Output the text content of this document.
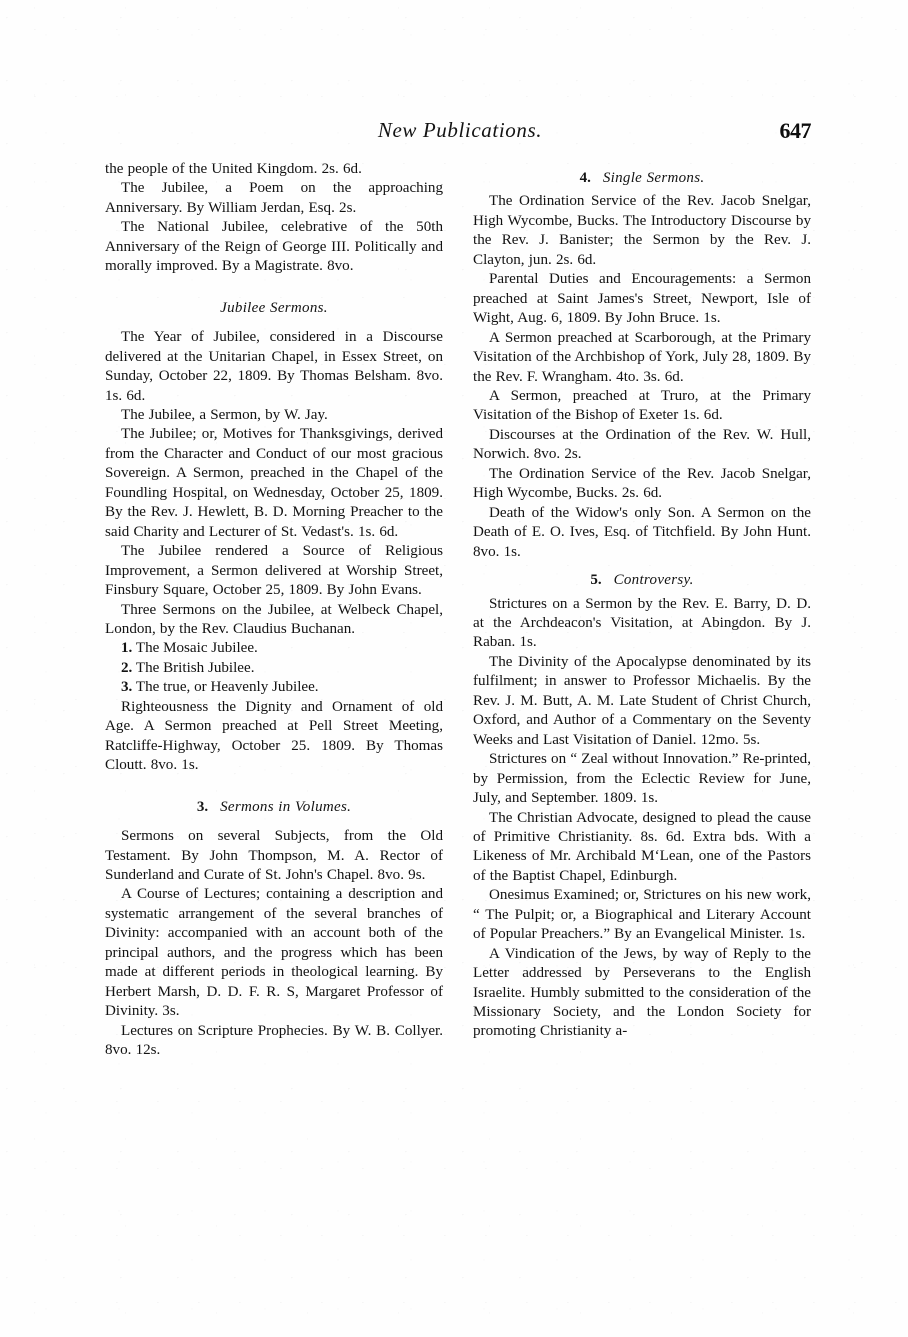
New Publications.	647

the people of the United Kingdom. 2s. 6d.

The Jubilee, a Poem on the approaching Anniversary. By William Jerdan, Esq. 2s.

The National Jubilee, celebrative of the 50th Anniversary of the Reign of George III. Politically and morally improved. By a Magistrate. 8vo.

Jubilee Sermons.

The Year of Jubilee, considered in a Discourse delivered at the Unitarian Chapel, in Essex Street, on Sunday, October 22, 1809. By Thomas Belsham. 8vo. 1s. 6d.

The Jubilee, a Sermon, by W. Jay.

The Jubilee; or, Motives for Thanksgivings, derived from the Character and Conduct of our most gracious Sovereign. A Sermon, preached in the Chapel of the Foundling Hospital, on Wednesday, October 25, 1809. By the Rev. J. Hewlett, B. D. Morning Preacher to the said Charity and Lecturer of St. Vedast's. 1s. 6d.

The Jubilee rendered a Source of Religious Improvement, a Sermon delivered at Worship Street, Finsbury Square, October 25, 1809. By John Evans.

Three Sermons on the Jubilee, at Welbeck Chapel, London, by the Rev. Claudius Buchanan.

1. The Mosaic Jubilee.
2. The British Jubilee.
3. The true, or Heavenly Jubilee.

Righteousness the Dignity and Ornament of old Age. A Sermon preached at Pell Street Meeting, Ratcliffe-Highway, October 25. 1809. By Thomas Cloutt. 8vo. 1s.

3. Sermons in Volumes.

Sermons on several Subjects, from the Old Testament. By John Thompson, M. A. Rector of Sunderland and Curate of St. John's Chapel. 8vo. 9s.

A Course of Lectures; containing a description and systematic arrangement of the several branches of Divinity: accompanied with an account both of the principal authors, and the progress which has been made at different periods in theological learning. By Herbert Marsh, D. D. F. R. S, Margaret Professor of Divinity. 3s.

Lectures on Scripture Prophecies. By W. B. Collyer. 8vo. 12s.

4. Single Sermons.

The Ordination Service of the Rev. Jacob Snelgar, High Wycombe, Bucks. The Introductory Discourse by the Rev. J. Banister; the Sermon by the Rev. J. Clayton, jun. 2s. 6d.

Parental Duties and Encouragements: a Sermon preached at Saint James's Street, Newport, Isle of Wight, Aug. 6, 1809. By John Bruce. 1s.

A Sermon preached at Scarborough, at the Primary Visitation of the Archbishop of York, July 28, 1809. By the Rev. F. Wrangham. 4to. 3s. 6d.

A Sermon, preached at Truro, at the Primary Visitation of the Bishop of Exeter 1s. 6d.

Discourses at the Ordination of the Rev. W. Hull, Norwich. 8vo. 2s.

The Ordination Service of the Rev. Jacob Snelgar, High Wycombe, Bucks. 2s. 6d.

Death of the Widow's only Son. A Sermon on the Death of E. O. Ives, Esq. of Titchfield. By John Hunt. 8vo. 1s.

5. Controversy.

Strictures on a Sermon by the Rev. E. Barry, D. D. at the Archdeacon's Visitation, at Abingdon. By J. Raban. 1s.

The Divinity of the Apocalypse denominated by its fulfilment; in answer to Professor Michaelis. By the Rev. J. M. Butt, A. M. Late Student of Christ Church, Oxford, and Author of a Commentary on the Seventy Weeks and Last Visitation of Daniel. 12mo. 5s.

Strictures on “ Zeal without Innovation.” Re-printed, by Permission, from the Eclectic Review for June, July, and September. 1809. 1s.

The Christian Advocate, designed to plead the cause of Primitive Christianity. 8s. 6d. Extra bds. With a Likeness of Mr. Archibald M‘Lean, one of the Pastors of the Baptist Chapel, Edinburgh.

Onesimus Examined; or, Strictures on his new work, “ The Pulpit; or, a Biographical and Literary Account of Popular Preachers.” By an Evangelical Minister. 1s.

A Vindication of the Jews, by way of Reply to the Letter addressed by Perseverans to the English Israelite. Humbly submitted to the consideration of the Missionary Society, and the London Society for promoting Christianity a-
